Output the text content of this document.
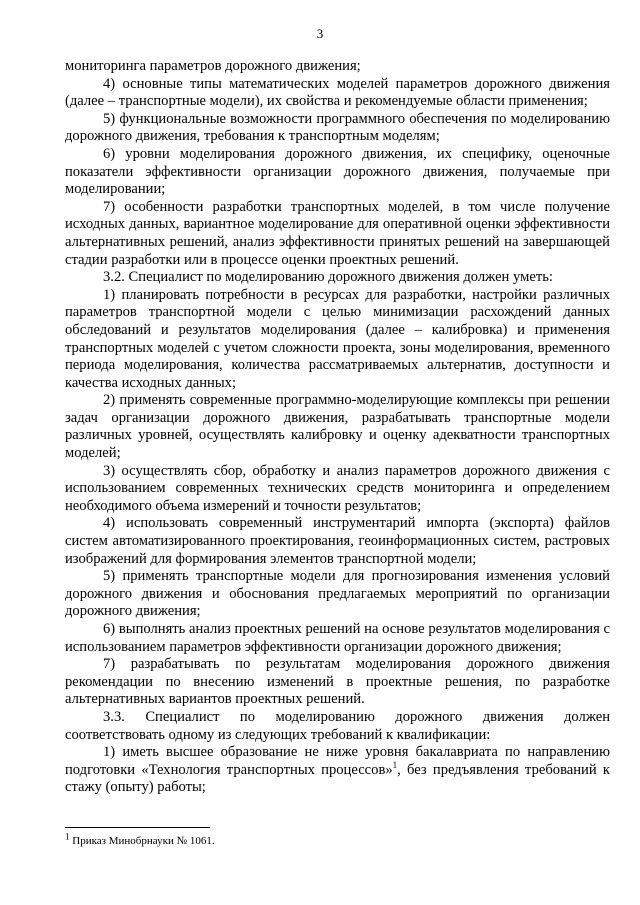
3

мониторинга параметров дорожного движения;

4) основные типы математических моделей параметров дорожного движения (далее – транспортные модели), их свойства и рекомендуемые области применения;

5) функциональные возможности программного обеспечения по моделированию дорожного движения, требования к транспортным моделям;

6) уровни моделирования дорожного движения, их специфику, оценочные показатели эффективности организации дорожного движения, получаемые при моделировании;

7) особенности разработки транспортных моделей, в том числе получение исходных данных, вариантное моделирование для оперативной оценки эффективности альтернативных решений, анализ эффективности принятых решений на завершающей стадии разработки или в процессе оценки проектных решений.

3.2. Специалист по моделированию дорожного движения должен уметь:

1) планировать потребности в ресурсах для разработки, настройки различных параметров транспортной модели с целью минимизации расхождений данных обследований и результатов моделирования (далее – калибровка) и применения транспортных моделей с учетом сложности проекта, зоны моделирования, временного периода моделирования, количества рассматриваемых альтернатив, доступности и качества исходных данных;

2) применять современные программно-моделирующие комплексы при решении задач организации дорожного движения, разрабатывать транспортные модели различных уровней, осуществлять калибровку и оценку адекватности транспортных моделей;

3) осуществлять сбор, обработку и анализ параметров дорожного движения с использованием современных технических средств мониторинга и определением необходимого объема измерений и точности результатов;

4) использовать современный инструментарий импорта (экспорта) файлов систем автоматизированного проектирования, геоинформационных систем, растровых изображений для формирования элементов транспортной модели;

5) применять транспортные модели для прогнозирования изменения условий дорожного движения и обоснования предлагаемых мероприятий по организации дорожного движения;

6) выполнять анализ проектных решений на основе результатов моделирования с использованием параметров эффективности организации дорожного движения;

7) разрабатывать по результатам моделирования дорожного движения рекомендации по внесению изменений в проектные решения, по разработке альтернативных вариантов проектных решений.

3.3. Специалист по моделированию дорожного движения должен соответствовать одному из следующих требований к квалификации:

1) иметь высшее образование не ниже уровня бакалавриата по направлению подготовки «Технология транспортных процессов»$^1$, без предъявления требований к стажу (опыту) работы;

$^1$ Приказ Минобрнауки № 1061.
